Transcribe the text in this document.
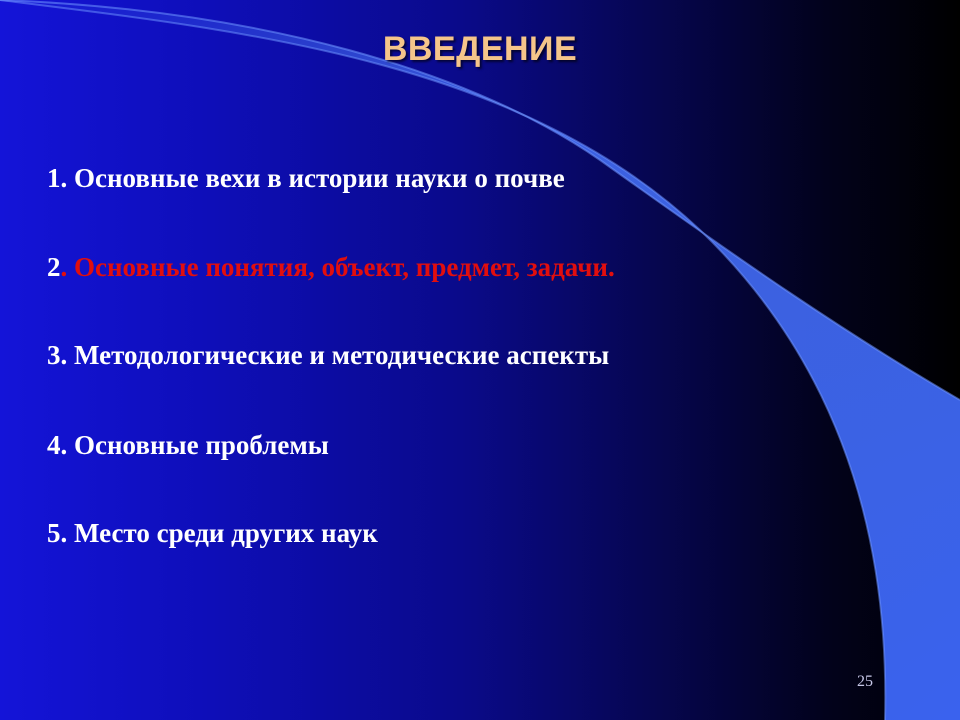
ВВЕДЕНИЕ
1. Основные вехи в истории науки о почве
2. Основные понятия, объект, предмет, задачи.
3. Методологические и методические аспекты
4. Основные проблемы
5. Место среди других наук
25
